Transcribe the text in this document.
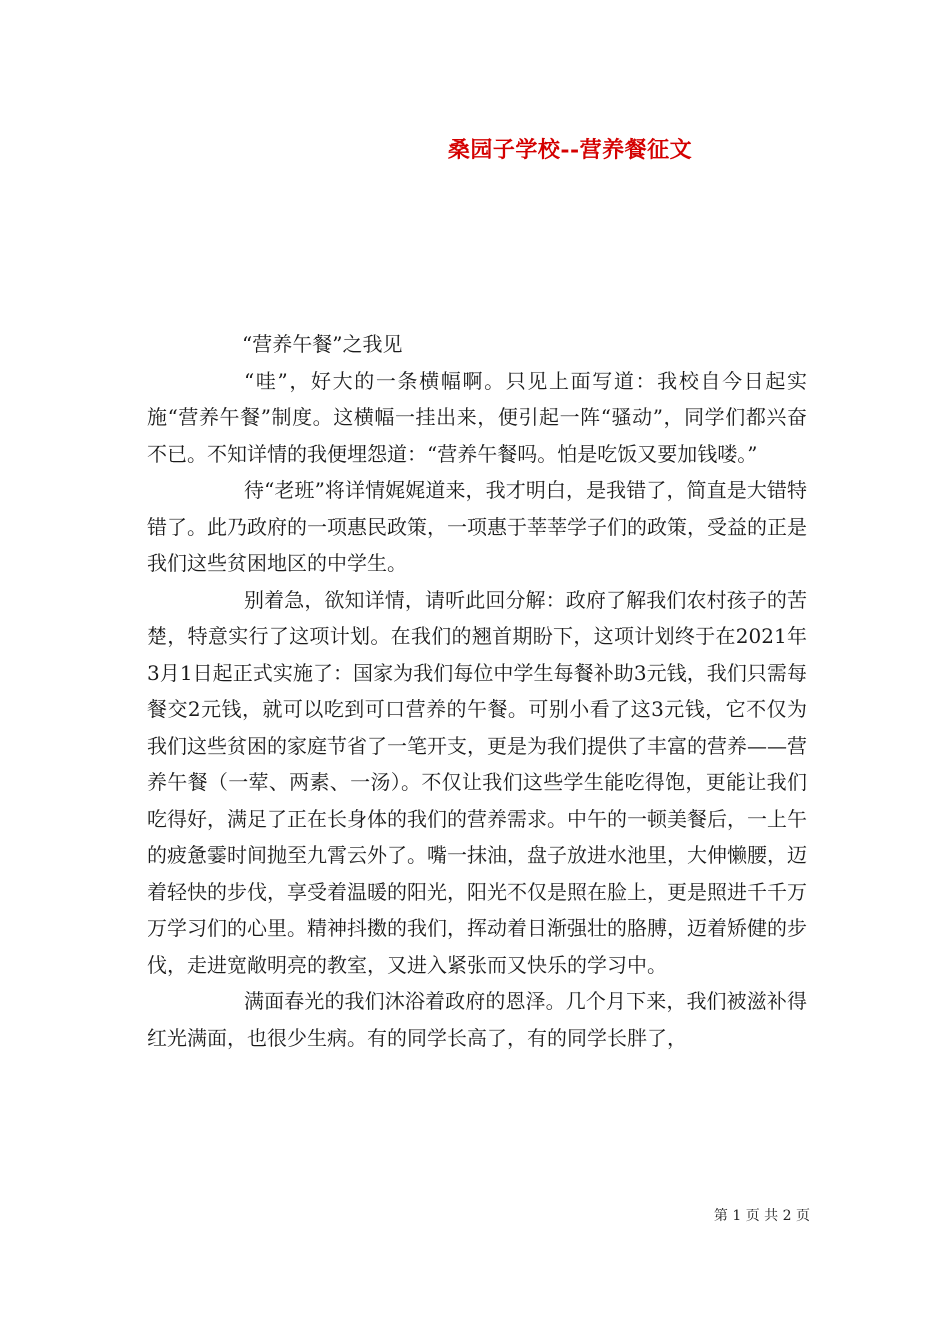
桑园子学校--营养餐征文

“营养午餐”之我见

“哇”，好大的一条横幅啊。只见上面写道：我校自今日起实施“营养午餐”制度。这横幅一挂出来，便引起一阵“骚动”，同学们都兴奋不已。不知详情的我便埋怨道：“营养午餐吗。怕是吃饭又要加钱喽。”

待“老班”将详情娓娓道来，我才明白，是我错了，简直是大错特错了。此乃政府的一项惠民政策，一项惠于莘莘学子们的政策，受益的正是我们这些贫困地区的中学生。

别着急，欲知详情，请听此回分解：政府了解我们农村孩子的苦楚，特意实行了这项计划。在我们的翘首期盼下，这项计划终于在2021年3月1日起正式实施了：国家为我们每位中学生每餐补助3元钱，我们只需每餐交2元钱，就可以吃到可口营养的午餐。可别小看了这3元钱，它不仅为我们这些贫困的家庭节省了一笔开支，更是为我们提供了丰富的营养——营养午餐（一荤、两素、一汤）。不仅让我们这些学生能吃得饱，更能让我们吃得好，满足了正在长身体的我们的营养需求。中午的一顿美餐后，一上午的疲惫霎时间抛至九霄云外了。嘴一抹油，盘子放进水池里，大伸懒腰，迈着轻快的步伐，享受着温暖的阳光，阳光不仅是照在脸上，更是照进千千万万学习们的心里。精神抖擞的我们，挥动着日渐强壮的胳膊，迈着矫健的步伐，走进宽敞明亮的教室，又进入紧张而又快乐的学习中。

满面春光的我们沐浴着政府的恩泽。几个月下来，我们被滋补得红光满面，也很少生病。有的同学长高了，有的同学长胖了，

第 1 页 共 2 页
